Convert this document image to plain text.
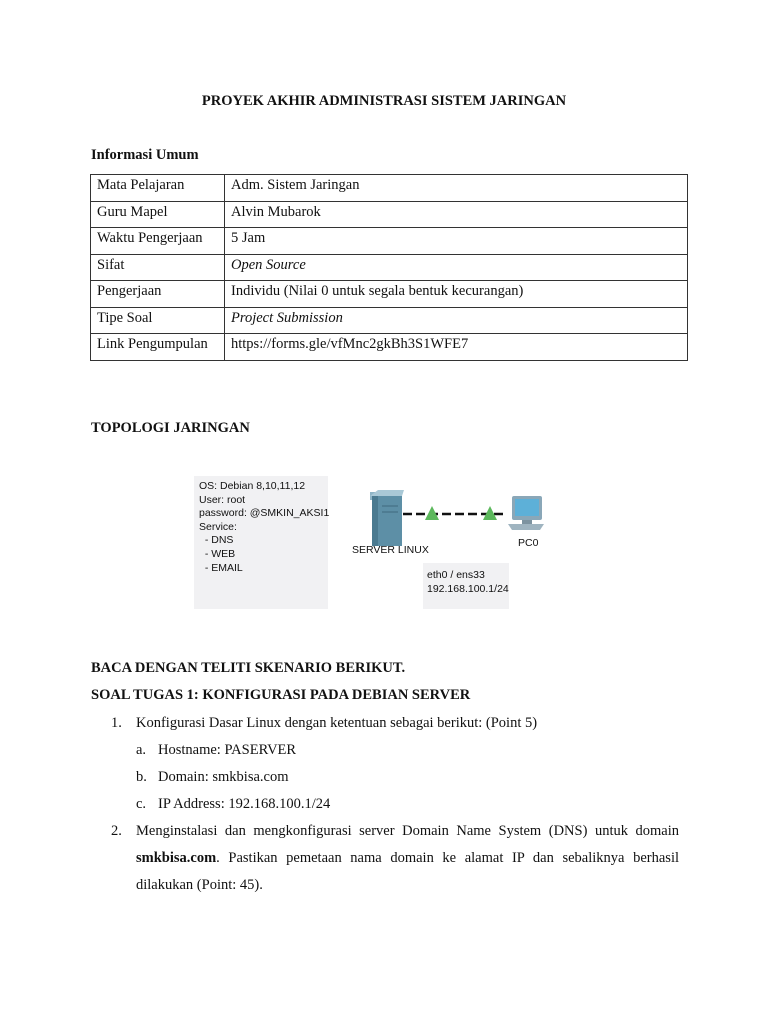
PROYEK AKHIR ADMINISTRASI SISTEM JARINGAN
Informasi Umum
Mata Pelajaran	Adm. Sistem Jaringan
Guru Mapel	Alvin Mubarok
Waktu Pengerjaan	5 Jam
Sifat	Open Source
Pengerjaan	Individu (Nilai 0 untuk segala bentuk kecurangan)
Tipe Soal	Project Submission
Link Pengumpulan	https://forms.gle/vfMnc2gkBh3S1WFE7
TOPOLOGI JARINGAN
OS: Debian 8,10,11,12
User: root
password: @SMKIN_AKSI1
Service:
- DNS
- WEB
- EMAIL
SERVER LINUX
PC0
eth0 / ens33
192.168.100.1/24
BACA DENGAN TELITI SKENARIO BERIKUT.
SOAL TUGAS 1: KONFIGURASI PADA DEBIAN SERVER
1. Konfigurasi Dasar Linux dengan ketentuan sebagai berikut: (Point 5)
a. Hostname: PASERVER
b. Domain: smkbisa.com
c. IP Address: 192.168.100.1/24
2. Menginstalasi dan mengkonfigurasi server Domain Name System (DNS) untuk domain smkbisa.com. Pastikan pemetaan nama domain ke alamat IP dan sebaliknya berhasil dilakukan (Point: 45).
